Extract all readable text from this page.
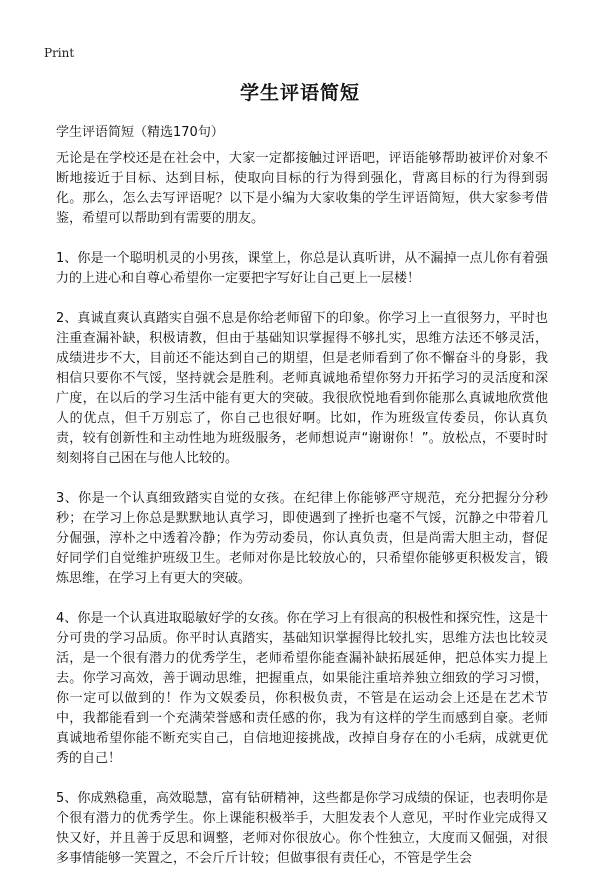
Print
学生评语简短
学生评语简短（精选170句）

无论是在学校还是在社会中，大家一定都接触过评语吧，评语能够帮助被评价对象不断地接近于目标、达到目标，使取向目标的行为得到强化，背离目标的行为得到弱化。那么，怎么去写评语呢？以下是小编为大家收集的学生评语简短，供大家参考借鉴，希望可以帮助到有需要的朋友。

1、你是一个聪明机灵的小男孩，课堂上，你总是认真听讲，从不漏掉一点儿你有着强力的上进心和自尊心希望你一定要把字写好让自己更上一层楼！

2、真诚直爽认真踏实自强不息是你给老师留下的印象。你学习上一直很努力，平时也注重查漏补缺，积极请教，但由于基础知识掌握得不够扎实，思维方法还不够灵活，成绩进步不大，目前还不能达到自己的期望，但是老师看到了你不懈奋斗的身影，我相信只要你不气馁，坚持就会是胜利。老师真诚地希望你努力开拓学习的灵活度和深广度，在以后的学习生活中能有更大的突破。我很欣悦地看到你能那么真诚地欣赏他人的优点，但千万别忘了，你自己也很好啊。比如，作为班级宣传委员，你认真负责，较有创新性和主动性地为班级服务，老师想说声“谢谢你！”。放松点，不要时时刻刻将自己困在与他人比较的。

3、你是一个认真细致踏实自觉的女孩。在纪律上你能够严守规范，充分把握分分秒秒；在学习上你总是默默地认真学习，即使遇到了挫折也毫不气馁，沉静之中带着几分倔强，淳朴之中透着冷静；作为劳动委员，你认真负责，但是尚需大胆主动，督促好同学们自觉维护班级卫生。老师对你是比较放心的，只希望你能够更积极发言，锻炼思维，在学习上有更大的突破。

4、你是一个认真进取聪敏好学的女孩。你在学习上有很高的积极性和探究性，这是十分可贵的学习品质。你平时认真踏实，基础知识掌握得比较扎实，思维方法也比较灵活，是一个很有潜力的优秀学生，老师希望你能查漏补缺拓展延伸，把总体实力提上去。你学习高效，善于调动思维，把握重点，如果能注重培养独立细致的学习习惯，你一定可以做到的！作为文娱委员，你积极负责，不管是在运动会上还是在艺术节中，我都能看到一个充满荣誉感和责任感的你，我为有这样的学生而感到自豪。老师真诚地希望你能不断充实自己，自信地迎接挑战，改掉自身存在的小毛病，成就更优秀的自己！

5、你成熟稳重，高效聪慧，富有钻研精神，这些都是你学习成绩的保证，也表明你是个很有潜力的优秀学生。你上课能积极举手，大胆发表个人意见，平时作业完成得又快又好，并且善于反思和调整，老师对你很放心。你个性独立，大度而又倔强，对很多事情能够一笑置之，不会斤斤计较；但做事很有责任心，不管是学生会
